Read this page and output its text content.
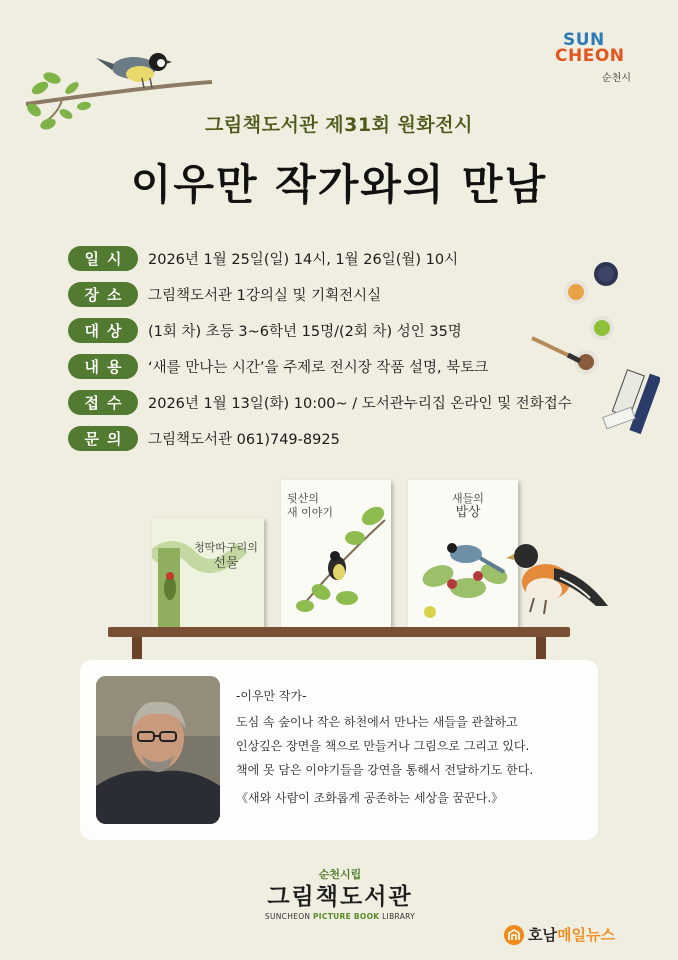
SUN
CHEON
순천시
그림책도서관 제31회 원화전시
이우만 작가와의 만남
일시	2026년 1월 25일(일) 14시, 1월 26일(월) 10시
장소	그림책도서관 1강의실 및 기획전시실
대상	(1회 차) 초등 3~6학년 15명/(2회 차) 성인 35명
내용	‘새를 만나는 시간’을 주제로 전시장 작품 설명, 북토크
접수	2026년 1월 13일(화) 10:00~ / 도서관누리집 온라인 및 전화접수
문의	그림책도서관 061)749-8925
청딱따구리의
선물
뒷산의
새 이야기
새들의
밥상
-이우만 작가-
도심 속 숲이나 작은 하천에서 만나는 새들을 관찰하고
인상깊은 장면을 책으로 만들거나 그림으로 그리고 있다.
책에 못 담은 이야기들을 강연을 통해서 전달하기도 한다.
《새와 사람이 조화롭게 공존하는 세상을 꿈꾼다.》
순천시립
그림책도서관
SUNCHEON PICTURE BOOK LIBRARY
호남 매일뉴스
